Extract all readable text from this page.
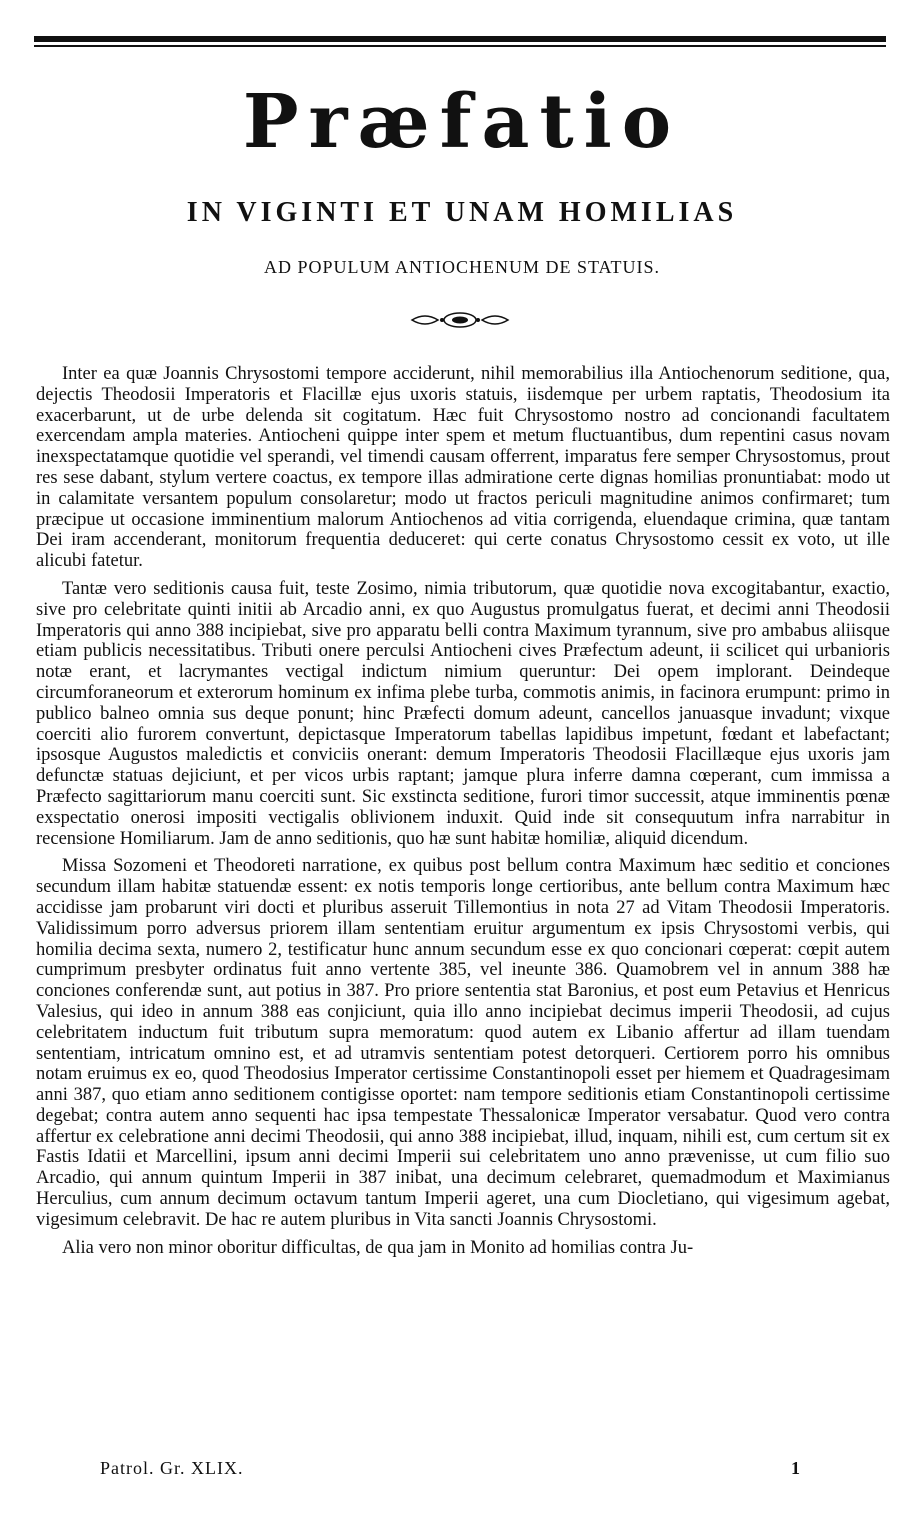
Præfatio
IN VIGINTI ET UNAM HOMILIAS
AD POPULUM ANTIOCHENUM DE STATUIS.

Inter ea quæ Joannis Chrysostomi tempore acciderunt, nihil memorabilius illa Antiochenorum seditione, qua, dejectis Theodosii Imperatoris et Flacillæ ejus uxoris statuis, iisdemque per urbem raptatis, Theodosium ita exacerbarunt, ut de urbe delenda sit cogitatum. Hæc fuit Chrysostomo nostro ad concionandi facultatem exercendam ampla materies. Antiocheni quippe inter spem et metum fluctuantibus, dum repentini casus novam inexspectatamque quotidie vel sperandi, vel timendi causam offerrent, imparatus fere semper Chrysostomus, prout res sese dabant, stylum vertere coactus, ex tempore illas admiratione certe dignas homilias pronuntiabat: modo ut in calamitate versantem populum consolaretur; modo ut fractos periculi magnitudine animos confirmaret; tum præcipue ut occasione imminentium malorum Antiochenos ad vitia corrigenda, eluendaque crimina, quæ tantam Dei iram accenderant, monitorum frequentia deduceret: qui certe conatus Chrysostomo cessit ex voto, ut ille alicubi fatetur.

Tantæ vero seditionis causa fuit, teste Zosimo, nimia tributorum, quæ quotidie nova excogitabantur, exactio, sive pro celebritate quinti initii ab Arcadio anni, ex quo Augustus promulgatus fuerat, et decimi anni Theodosii Imperatoris qui anno 388 incipiebat, sive pro apparatu belli contra Maximum tyrannum, sive pro ambabus aliisque etiam publicis necessitatibus. Tributi onere perculsi Antiocheni cives Præfectum adeunt, ii scilicet qui urbanioris notæ erant, et lacrymantes vectigal indictum nimium queruntur: Dei opem implorant. Deindeque circumforaneorum et exterorum hominum ex infima plebe turba, commotis animis, in facinora erumpunt: primo in publico balneo omnia sus deque ponunt; hinc Præfecti domum adeunt, cancellos januasque invadunt; vixque coerciti alio furorem convertunt, depictasque Imperatorum tabellas lapidibus impetunt, fœdant et labefactant; ipsosque Augustos maledictis et conviciis onerant: demum Imperatoris Theodosii Flacillæque ejus uxoris jam defunctæ statuas dejiciunt, et per vicos urbis raptant; jamque plura inferre damna cœperant, cum immissa a Præfecto sagittariorum manu coerciti sunt. Sic exstincta seditione, furori timor successit, atque imminentis pœnæ exspectatio onerosi impositi vectigalis oblivionem induxit. Quid inde sit consequutum infra narrabitur in recensione Homiliarum. Jam de anno seditionis, quo hæ sunt habitæ homiliæ, aliquid dicendum.

Missa Sozomeni et Theodoreti narratione, ex quibus post bellum contra Maximum hæc seditio et conciones secundum illam habitæ statuendæ essent: ex notis temporis longe certioribus, ante bellum contra Maximum hæc accidisse jam probarunt viri docti et pluribus asseruit Tillemontius in nota 27 ad Vitam Theodosii Imperatoris. Validissimum porro adversus priorem illam sententiam eruitur argumentum ex ipsis Chrysostomi verbis, qui homilia decima sexta, numero 2, testificatur hunc annum secundum esse ex quo concionari cœperat: cœpit autem cumprimum presbyter ordinatus fuit anno vertente 385, vel ineunte 386. Quamobrem vel in annum 388 hæ conciones conferendæ sunt, aut potius in 387. Pro priore sententia stat Baronius, et post eum Petavius et Henricus Valesius, qui ideo in annum 388 eas conjiciunt, quia illo anno incipiebat decimus imperii Theodosii, ad cujus celebritatem inductum fuit tributum supra memoratum: quod autem ex Libanio affertur ad illam tuendam sententiam, intricatum omnino est, et ad utramvis sententiam potest detorqueri. Certiorem porro his omnibus notam eruimus ex eo, quod Theodosius Imperator certissime Constantinopoli esset per hiemem et Quadragesimam anni 387, quo etiam anno seditionem contigisse oportet: nam tempore seditionis etiam Constantinopoli certissime degebat; contra autem anno sequenti hac ipsa tempestate Thessalonicæ Imperator versabatur. Quod vero contra affertur ex celebratione anni decimi Theodosii, qui anno 388 incipiebat, illud, inquam, nihili est, cum certum sit ex Fastis Idatii et Marcellini, ipsum anni decimi Imperii sui celebritatem uno anno prævenisse, ut cum filio suo Arcadio, qui annum quintum Imperii in 387 inibat, una decimum celebraret, quemadmodum et Maximianus Herculius, cum annum decimum octavum tantum Imperii ageret, una cum Diocletiano, qui vigesimum agebat, vigesimum celebravit. De hac re autem pluribus in Vita sancti Joannis Chrysostomi.

Alia vero non minor oboritur difficultas, de qua jam in Monito ad homilias contra Ju-

Patrol. Gr. XLIX.	1
